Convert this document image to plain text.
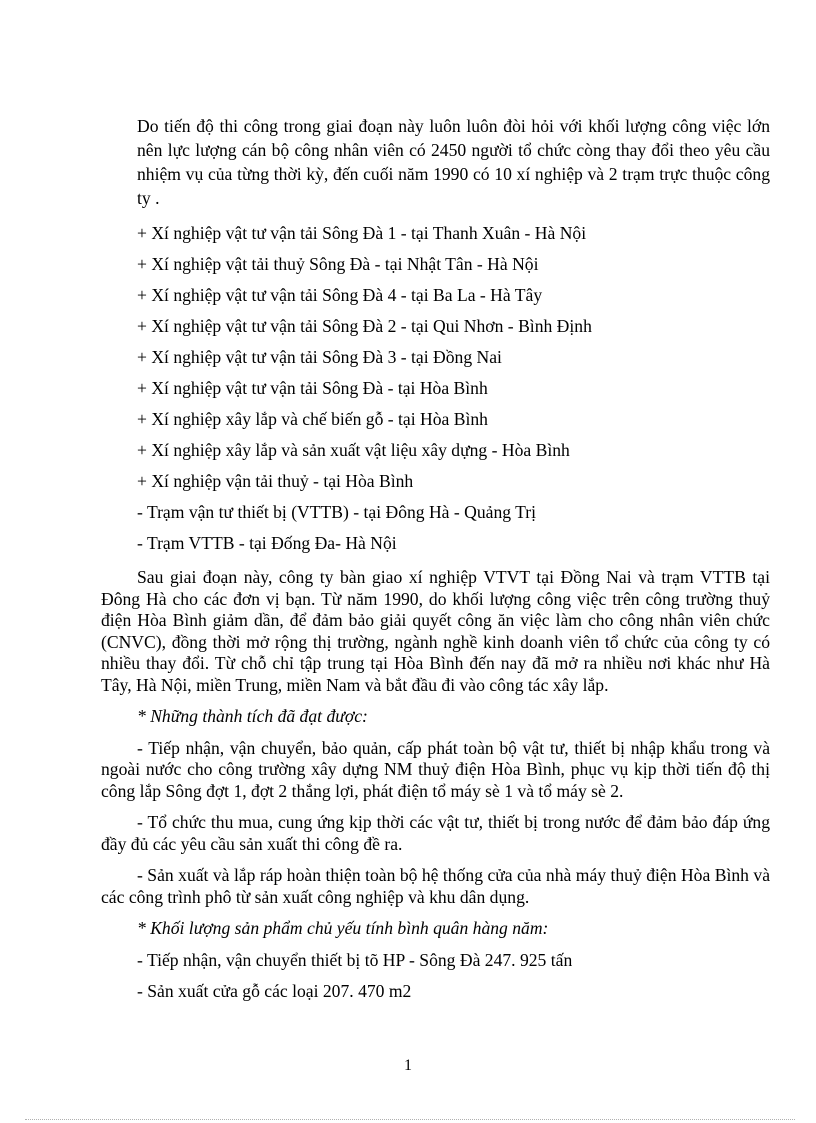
Do tiến độ thi công trong giai đoạn này luôn luôn đòi hỏi với khối lượng công việc lớn nên lực lượng cán bộ công nhân viên có 2450 người tổ chức còng thay đổi theo yêu cầu nhiệm vụ của từng thời kỳ, đến cuối năm 1990 có 10 xí nghiệp và 2 trạm trực thuộc công ty .

+ Xí nghiệp vật tư vận tải Sông Đà 1 - tại Thanh Xuân - Hà Nội

+ Xí nghiệp vật tải thuỷ Sông Đà - tại Nhật Tân - Hà Nội

+ Xí nghiệp vật tư vận tải Sông Đà 4 - tại Ba La - Hà Tây

+ Xí nghiệp vật tư vận tải Sông Đà 2 - tại Qui Nhơn - Bình Định

+ Xí nghiệp vật tư vận tải Sông Đà 3 - tại Đồng Nai

+ Xí nghiệp vật tư vận tải Sông Đà - tại Hòa Bình

+ Xí nghiệp xây lắp và chế biến gỗ - tại Hòa Bình

+ Xí nghiệp xây lắp và sản xuất vật liệu xây dựng - Hòa Bình

+ Xí nghiệp vận tải thuỷ - tại Hòa Bình

- Trạm vận tư thiết bị (VTTB) - tại Đông Hà - Quảng Trị

- Trạm VTTB - tại Đống Đa- Hà Nội

Sau giai đoạn này, công ty bàn giao xí nghiệp VTVT tại Đồng Nai và trạm VTTB tại Đông Hà cho các đơn vị bạn. Từ năm 1990, do khối lượng công việc trên công trường thuỷ điện Hòa Bình giảm dần, để đảm bảo giải quyết công ăn việc làm cho công nhân viên chức (CNVC), đồng thời mở rộng thị trường, ngành nghề kinh doanh viên tổ chức của công ty có nhiều thay đổi. Từ chỗ chỉ tập trung tại Hòa Bình đến nay đã mở ra nhiều nơi khác như Hà Tây, Hà Nội, miền Trung, miền Nam và bắt đầu đi vào công tác xây lắp.

* Những thành tích đã đạt được:

- Tiếp nhận, vận chuyển, bảo quản, cấp phát toàn bộ vật tư, thiết bị nhập khẩu trong và ngoài nước cho công trường xây dựng NM thuỷ điện Hòa Bình, phục vụ kịp thời tiến độ thị công lắp Sông đợt 1, đợt 2 thắng lợi, phát điện tổ máy sè 1 và tổ máy sè 2.

- Tổ chức thu mua, cung ứng kịp thời các vật tư, thiết bị trong nước để đảm bảo đáp ứng đầy đủ các yêu cầu sản xuất thi công đề ra.

- Sản xuất và lắp ráp hoàn thiện toàn bộ hệ thống cửa của nhà máy thuỷ điện Hòa Bình và các công trình phô từ sản xuất công nghiệp và khu dân dụng.

* Khối lượng sản phẩm chủ yếu tính bình quân hàng năm:

- Tiếp nhận, vận chuyển thiết bị tõ HP - Sông Đà 247. 925 tấn

- Sản xuất cửa gỗ các loại 207. 470 m2

1
